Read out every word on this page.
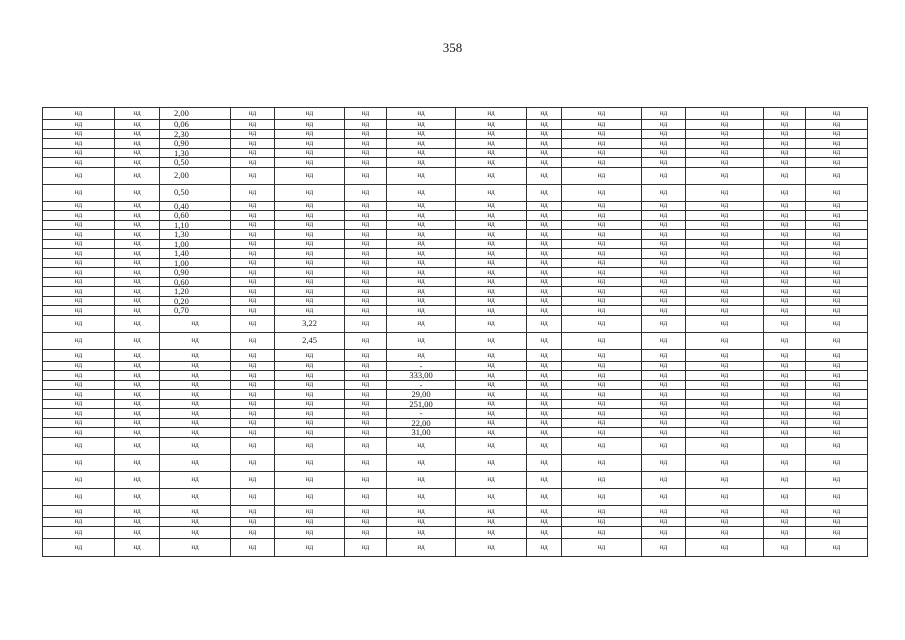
358
нд	нд	2,00	нд	нд	нд	нд	нд	нд	нд	нд	нд	нд	нд
нд	нд	0,06	нд	нд	нд	нд	нд	нд	нд	нд	нд	нд	нд
нд	нд	2,30	нд	нд	нд	нд	нд	нд	нд	нд	нд	нд	нд
нд	нд	0,90	нд	нд	нд	нд	нд	нд	нд	нд	нд	нд	нд
нд	нд	1,30	нд	нд	нд	нд	нд	нд	нд	нд	нд	нд	нд
нд	нд	0,50	нд	нд	нд	нд	нд	нд	нд	нд	нд	нд	нд
нд	нд	2,00	нд	нд	нд	нд	нд	нд	нд	нд	нд	нд	нд
нд	нд	0,50	нд	нд	нд	нд	нд	нд	нд	нд	нд	нд	нд
нд	нд	0,40	нд	нд	нд	нд	нд	нд	нд	нд	нд	нд	нд
нд	нд	0,60	нд	нд	нд	нд	нд	нд	нд	нд	нд	нд	нд
нд	нд	1,10	нд	нд	нд	нд	нд	нд	нд	нд	нд	нд	нд
нд	нд	1,30	нд	нд	нд	нд	нд	нд	нд	нд	нд	нд	нд
нд	нд	1,00	нд	нд	нд	нд	нд	нд	нд	нд	нд	нд	нд
нд	нд	1,40	нд	нд	нд	нд	нд	нд	нд	нд	нд	нд	нд
нд	нд	1,00	нд	нд	нд	нд	нд	нд	нд	нд	нд	нд	нд
нд	нд	0,90	нд	нд	нд	нд	нд	нд	нд	нд	нд	нд	нд
нд	нд	0,60	нд	нд	нд	нд	нд	нд	нд	нд	нд	нд	нд
нд	нд	1,20	нд	нд	нд	нд	нд	нд	нд	нд	нд	нд	нд
нд	нд	0,20	нд	нд	нд	нд	нд	нд	нд	нд	нд	нд	нд
нд	нд	0,70	нд	нд	нд	нд	нд	нд	нд	нд	нд	нд	нд
нд	нд	нд	нд	3,22	нд	нд	нд	нд	нд	нд	нд	нд	нд
нд	нд	нд	нд	2,45	нд	нд	нд	нд	нд	нд	нд	нд	нд
нд	нд	нд	нд	нд	нд	нд	нд	нд	нд	нд	нд	нд	нд
нд	нд	нд	нд	нд	нд	-	нд	нд	нд	нд	нд	нд	нд
нд	нд	нд	нд	нд	нд	333,00	нд	нд	нд	нд	нд	нд	нд
нд	нд	нд	нд	нд	нд	-	нд	нд	нд	нд	нд	нд	нд
нд	нд	нд	нд	нд	нд	29,00	нд	нд	нд	нд	нд	нд	нд
нд	нд	нд	нд	нд	нд	251,00	нд	нд	нд	нд	нд	нд	нд
нд	нд	нд	нд	нд	нд	-	нд	нд	нд	нд	нд	нд	нд
нд	нд	нд	нд	нд	нд	22,00	нд	нд	нд	нд	нд	нд	нд
нд	нд	нд	нд	нд	нд	31,00	нд	нд	нд	нд	нд	нд	нд
нд	нд	нд	нд	нд	нд	нд	нд	нд	нд	нд	нд	нд	нд
нд	нд	нд	нд	нд	нд	нд	нд	нд	нд	нд	нд	нд	нд
нд	нд	нд	нд	нд	нд	нд	нд	нд	нд	нд	нд	нд	нд
нд	нд	нд	нд	нд	нд	нд	нд	нд	нд	нд	нд	нд	нд
нд	нд	нд	нд	нд	нд	нд	нд	нд	нд	нд	нд	нд	нд
нд	нд	нд	нд	нд	нд	нд	нд	нд	нд	нд	нд	нд	нд
нд	нд	нд	нд	нд	нд	нд	нд	нд	нд	нд	нд	нд	нд
нд	нд	нд	нд	нд	нд	нд	нд	нд	нд	нд	нд	нд	нд
